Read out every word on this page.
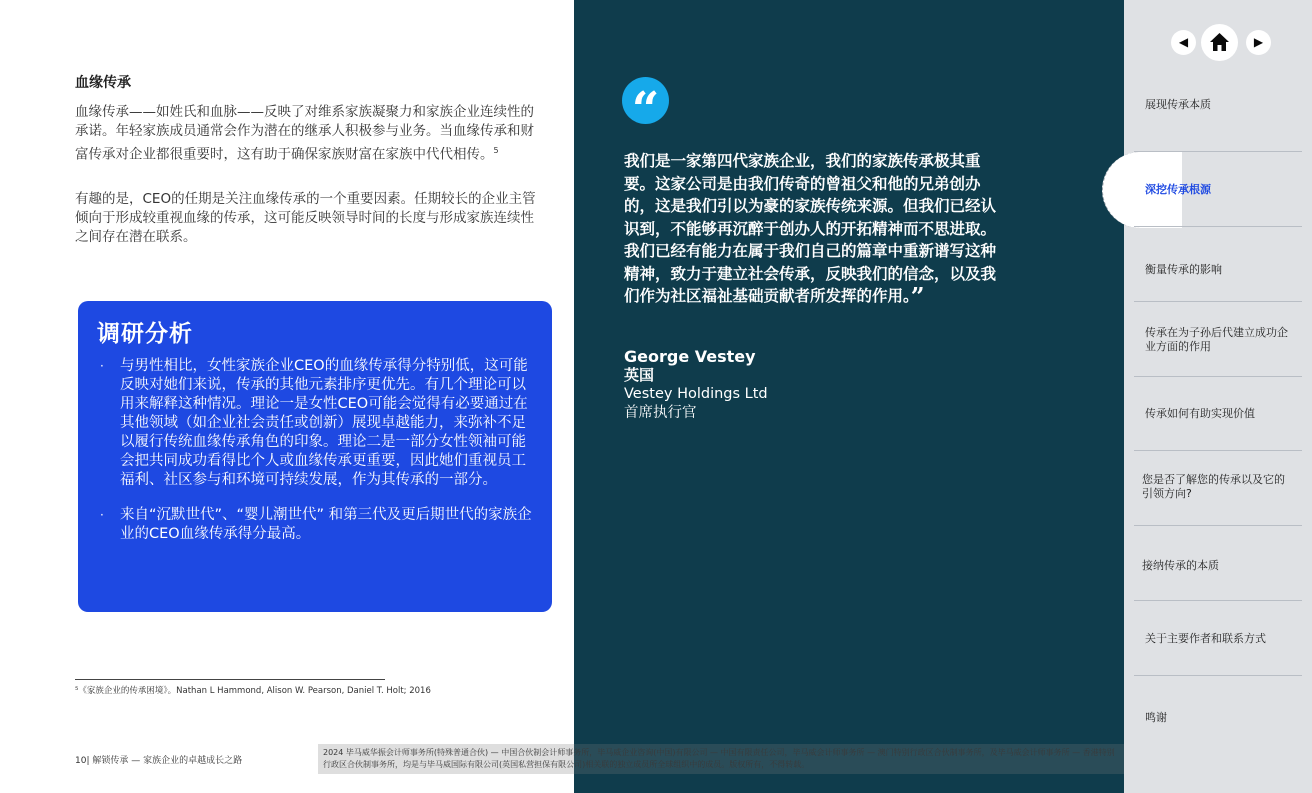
血缘传承

血缘传承——如姓氏和血脉——反映了对维系家族凝聚力和家族企业连续性的承诺。年轻家族成员通常会作为潜在的继承人积极参与业务。当血缘传承和财富传承对企业都很重要时，这有助于确保家族财富在家族中代代相传。$^5$

有趣的是，CEO的任期是关注血缘传承的一个重要因素。任期较长的企业主管倾向于形成较重视血缘的传承，这可能反映领导时间的长度与形成家族连续性之间存在潜在联系。

调研分析
· 与男性相比，女性家族企业CEO的血缘传承得分特别低，这可能反映对她们来说，传承的其他元素排序更优先。有几个理论可以用来解释这种情况。理论一是女性CEO可能会觉得有必要通过在其他领域（如企业社会责任或创新）展现卓越能力，来弥补不足以履行传统血缘传承角色的印象。理论二是一部分女性领袖可能会把共同成功看得比个人或血缘传承更重要，因此她们重视员工福利、社区参与和环境可持续发展，作为其传承的一部分。
· 来自“沉默世代”、“婴儿潮世代” 和第三代及更后期世代的家族企业的CEO血缘传承得分最高。
⁵《家族企业的传承困境》。Nathan L Hammond, Alison W. Pearson, Daniel T. Holt; 2016
10| 解锁传承 — 家族企业的卓越成长之路
“
我们是一家第四代家族企业，我们的家族传承极其重要。这家公司是由我们传奇的曾祖父和他的兄弟创办的，这是我们引以为豪的家族传统来源。但我们已经认识到，不能够再沉醉于创办人的开拓精神而不思进取。我们已经有能力在属于我们自己的篇章中重新谱写这种精神，致力于建立社会传承，反映我们的信念，以及我们作为社区福祉基础贡献者所发挥的作用。”
George Vestey
英国
Vestey Holdings Ltd
首席执行官
2024 毕马威华振会计师事务所(特殊普通合伙) — 中国合伙制会计师事务所，毕马威企业咨询(中国)有限公司 — 中国有限责任公司，毕马威会计师事务所 — 澳门特别行政区合伙制事务所，及毕马威会计师事务所 — 香港特别行政区合伙制事务所，均是与毕马威国际有限公司(英国私营担保有限公司)相关联的独立成员所全球组织中的成员。版权所有，不得转载。
◀	▶
展现传承本质
深挖传承根源
衡量传承的影响
传承在为子孙后代建立成功企业方面的作用
传承如何有助实现价值
您是否了解您的传承以及它的引领方向?
接纳传承的本质
关于主要作者和联系方式
鸣谢
